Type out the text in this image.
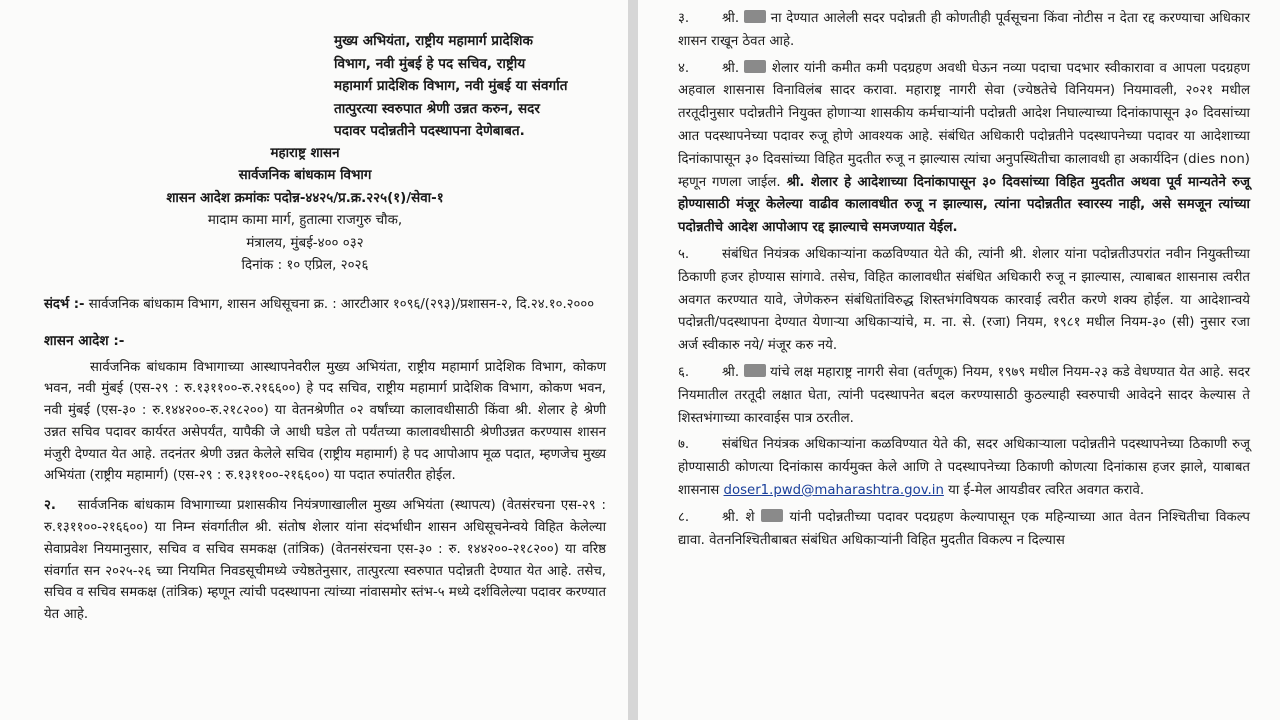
मुख्य अभियंता, राष्ट्रीय महामार्ग प्रादेशिक
विभाग, नवी मुंबई हे पद सचिव, राष्ट्रीय
महामार्ग प्रादेशिक विभाग, नवी मुंबई या संवर्गात
तात्पुरत्या स्वरुपात श्रेणी उन्नत करुन, सदर
पदावर पदोन्नतीने पदस्थापना देणेबाबत.
महाराष्ट्र शासन
सार्वजनिक बांधकाम विभाग
शासन आदेश क्रमांकः पदोन्न-४४२५/प्र.क्र.२२५(१)/सेवा-१
मादाम कामा मार्ग, हुतात्मा राजगुरु चौक,
मंत्रालय, मुंबई-४०० ०३२
दिनांक : १० एप्रिल, २०२६
संदर्भ :- सार्वजनिक बांधकाम विभाग, शासन अधिसूचना क्र. : आरटीआर १०९६/(२९३)/प्रशासन-२, दि.२४.१०.२०००
शासन आदेश :-
सार्वजनिक बांधकाम विभागाच्या आस्थापनेवरील मुख्य अभियंता, राष्ट्रीय महामार्ग प्रादेशिक विभाग, कोकण भवन, नवी मुंबई (एस-२९ : रु.१३११००-रु.२१६६००) हे पद सचिव, राष्ट्रीय महामार्ग प्रादेशिक विभाग, कोकण भवन, नवी मुंबई (एस-३० : रु.१४४२००-रु.२१८२००) या वेतनश्रेणीत ०२ वर्षांच्या कालावधीसाठी किंवा श्री. शेलार हे श्रेणी उन्नत सचिव पदावर कार्यरत असेपर्यंत, यापैकी जे आधी घडेल तो पर्यंतच्या कालावधीसाठी श्रेणीउन्नत करण्यास शासन मंजुरी देण्यात येत आहे. तदनंतर श्रेणी उन्नत केलेले सचिव (राष्ट्रीय महामार्ग) हे पद आपोआप मूळ पदात, म्हणजेच मुख्य अभियंता (राष्ट्रीय महामार्ग) (एस-२९ : रु.१३११००-२१६६००) या पदात रुपांतरीत होईल.
२. सार्वजनिक बांधकाम विभागाच्या प्रशासकीय नियंत्रणाखालील मुख्य अभियंता (स्थापत्य) (वेतसंरचना एस-२९ : रु.१३११००-२१६६००) या निम्न संवर्गातील श्री. संतोष शेलार यांना संदर्भाधीन शासन अधिसूचनेन्वये विहित केलेल्या सेवाप्रवेश नियमानुसार, सचिव व सचिव समकक्ष (तांत्रिक) (वेतनसंरचना एस-३० : रु. १४४२००-२१८२००) या वरिष्ठ संवर्गात सन २०२५-२६ च्या नियमित निवडसूचीमध्ये ज्येष्ठतेनुसार, तात्पुरत्या स्वरुपात पदोन्नती देण्यात येत आहे. तसेच, सचिव व सचिव समकक्ष (तांत्रिक) म्हणून त्यांची पदस्थापना त्यांच्या नांवासमोर स्तंभ-५ मध्ये दर्शविलेल्या पदावर करण्यात येत आहे.
३. श्री. ना देण्यात आलेली सदर पदोन्नती ही कोणतीही पूर्वसूचना किंवा नोटीस न देता रद्द करण्याचा अधिकार शासन राखून ठेवत आहे.
४. श्री. शेलार यांनी कमीत कमी पदग्रहण अवधी घेऊन नव्या पदाचा पदभार स्वीकारावा व आपला पदग्रहण अहवाल शासनास विनाविलंब सादर करावा. महाराष्ट्र नागरी सेवा (ज्येष्ठतेचे विनियमन) नियमावली, २०२१ मधील तरतूदीनुसार पदोन्नतीने नियुक्त होणाऱ्या शासकीय कर्मचाऱ्यांनी पदोन्नती आदेश निघाल्याच्या दिनांकापासून ३० दिवसांच्या आत पदस्थापनेच्या पदावर रुजू होणे आवश्यक आहे. संबंधित अधिकारी पदोन्नतीने पदस्थापनेच्या पदावर या आदेशाच्या दिनांकापासून ३० दिवसांच्या विहित मुदतीत रुजू न झाल्यास त्यांचा अनुपस्थितीचा कालावधी हा अकार्यदिन (dies non) म्हणून गणला जाईल. श्री. शेलार हे आदेशाच्या दिनांकापासून ३० दिवसांच्या विहित मुदतीत अथवा पूर्व मान्यतेने रुजू होण्यासाठी मंजूर केलेल्या वाढीव कालावधीत रुजू न झाल्यास, त्यांना पदोन्नतीत स्वारस्य नाही, असे समजून त्यांच्या पदोन्नतीचे आदेश आपोआप रद्द झाल्याचे समजण्यात येईल.
५. संबंधित नियंत्रक अधिकाऱ्यांना कळविण्यात येते की, त्यांनी श्री. शेलार यांना पदोन्नतीउपरांत नवीन नियुक्तीच्या ठिकाणी हजर होण्यास सांगावे. तसेच, विहित कालावधीत संबंधित अधिकारी रुजू न झाल्यास, त्याबाबत शासनास त्वरीत अवगत करण्यात यावे, जेणेकरुन संबंधितांविरुद्ध शिस्तभंगविषयक कारवाई त्वरीत करणे शक्य होईल. या आदेशान्वये पदोन्नती/पदस्थापना देण्यात येणाऱ्या अधिकाऱ्यांचे, म. ना. से. (रजा) नियम, १९८१ मधील नियम-३० (सी) नुसार रजा अर्ज स्वीकारु नये/ मंजूर करु नये.
६. श्री. यांचे लक्ष महाराष्ट्र नागरी सेवा (वर्तणूक) नियम, १९७९ मधील नियम-२३ कडे वेधण्यात येत आहे. सदर नियमातील तरतूदी लक्षात घेता, त्यांनी पदस्थापनेत बदल करण्यासाठी कुठल्याही स्वरुपाची आवेदने सादर केल्यास ते शिस्तभंगाच्या कारवाईस पात्र ठरतील.
७. संबंधित नियंत्रक अधिकाऱ्यांना कळविण्यात येते की, सदर अधिकाऱ्याला पदोन्नतीने पदस्थापनेच्या ठिकाणी रुजू होण्यासाठी कोणत्या दिनांकास कार्यमुक्त केले आणि ते पदस्थापनेच्या ठिकाणी कोणत्या दिनांकास हजर झाले, याबाबत शासनास doser1.pwd@maharashtra.gov.in या ई-मेल आयडीवर त्वरित अवगत करावे.
८. श्री. शे	यांनी पदोन्नतीच्या पदावर पदग्रहण केल्यापासून एक महिन्याच्या आत वेतन निश्चितीचा विकल्प द्यावा. वेतननिश्चितीबाबत संबंधित अधिकाऱ्यांनी विहित मुदतीत विकल्प न दिल्यास
